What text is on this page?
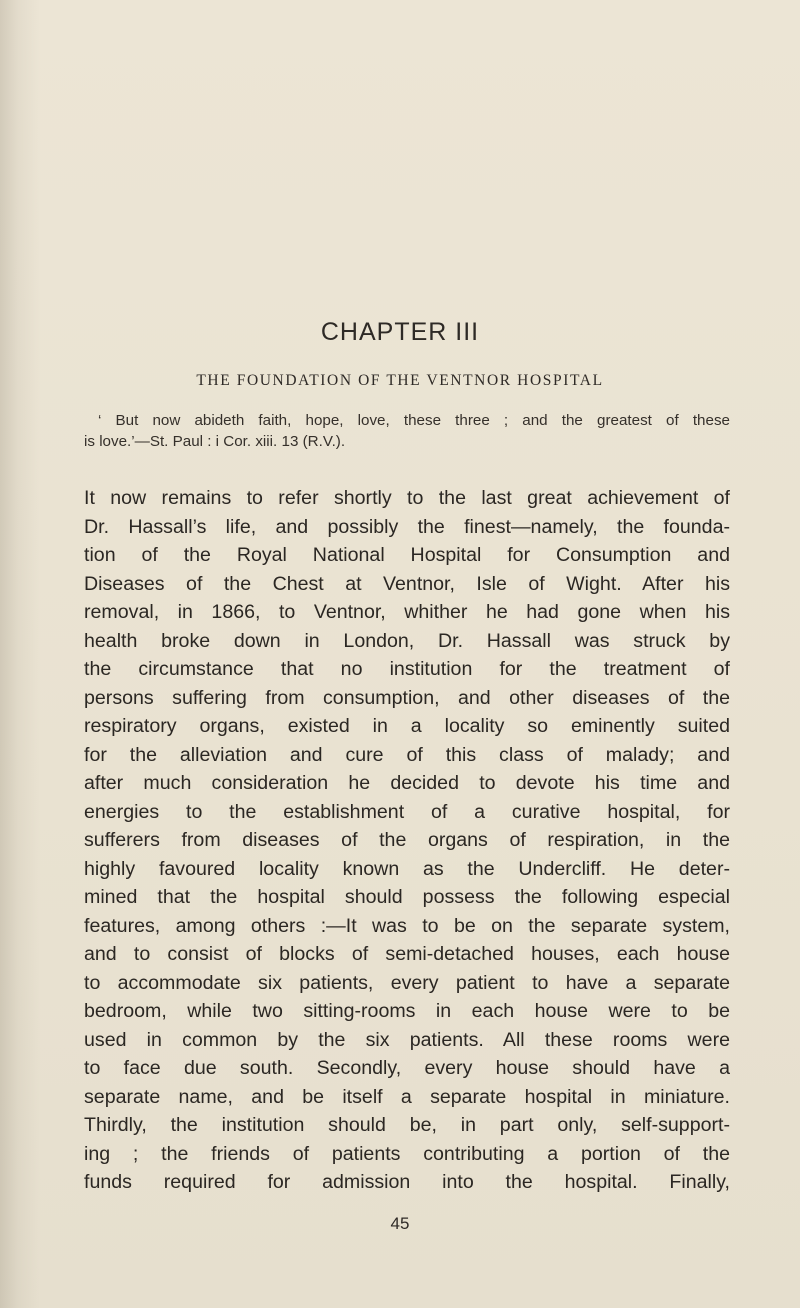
CHAPTER III
THE FOUNDATION OF THE VENTNOR HOSPITAL
‘ But now abideth faith, hope, love, these three ; and the greatest of these
is love.’—St. Paul : i Cor. xiii. 13 (R.V.).
It now remains to refer shortly to the last great achievement of
Dr. Hassall’s life, and possibly the finest—namely, the founda-
tion of the Royal National Hospital for Consumption and
Diseases of the Chest at Ventnor, Isle of Wight. After his
removal, in 1866, to Ventnor, whither he had gone when his
health broke down in London, Dr. Hassall was struck by
the circumstance that no institution for the treatment of
persons suffering from consumption, and other diseases of the
respiratory organs, existed in a locality so eminently suited
for the alleviation and cure of this class of malady; and
after much consideration he decided to devote his time and
energies to the establishment of a curative hospital, for
sufferers from diseases of the organs of respiration, in the
highly favoured locality known as the Undercliff. He deter-
mined that the hospital should possess the following especial
features, among others :—It was to be on the separate system,
and to consist of blocks of semi-detached houses, each house
to accommodate six patients, every patient to have a separate
bedroom, while two sitting-rooms in each house were to be
used in common by the six patients. All these rooms were
to face due south. Secondly, every house should have a
separate name, and be itself a separate hospital in miniature.
Thirdly, the institution should be, in part only, self-support-
ing ; the friends of patients contributing a portion of the
funds required for admission into the hospital. Finally,
45
